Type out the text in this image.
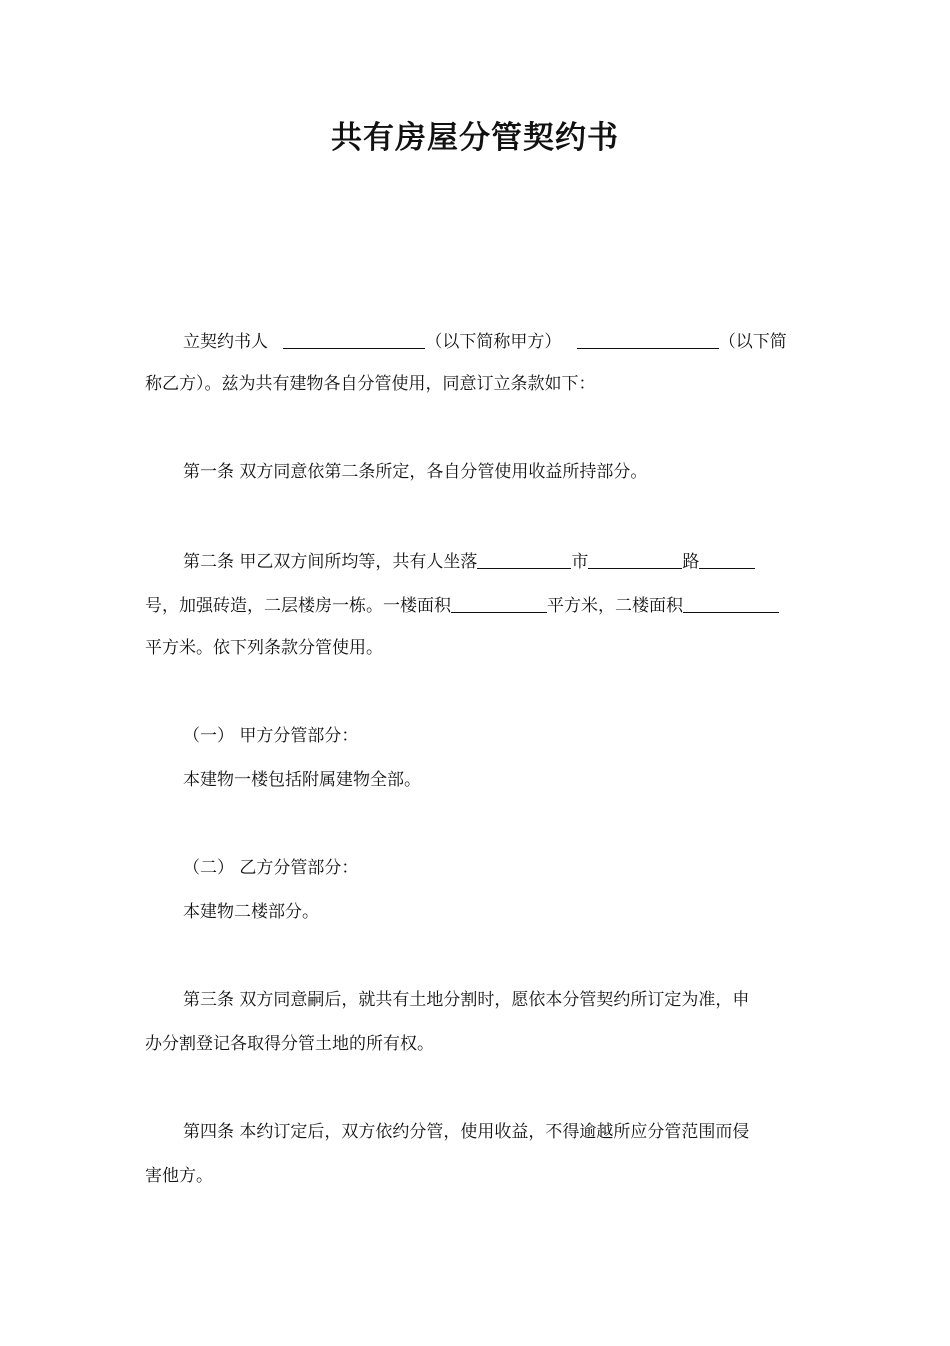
共有房屋分管契约书
立契约书人	（以下简称甲方）	（以下简
称乙方）。兹为共有建物各自分管使用，同意订立条款如下：
第一条 双方同意依第二条所定，各自分管使用收益所持部分。
第二条 甲乙双方间所均等，共有人坐落	市	路
号，加强砖造，二层楼房一栋。一楼面积	平方米，二楼面积
平方米。依下列条款分管使用。
（一） 甲方分管部分：
本建物一楼包括附属建物全部。
（二） 乙方分管部分：
本建物二楼部分。
第三条 双方同意嗣后，就共有土地分割时，愿依本分管契约所订定为准，申
办分割登记各取得分管土地的所有权。
第四条 本约订定后，双方依约分管，使用收益，不得逾越所应分管范围而侵
害他方。
